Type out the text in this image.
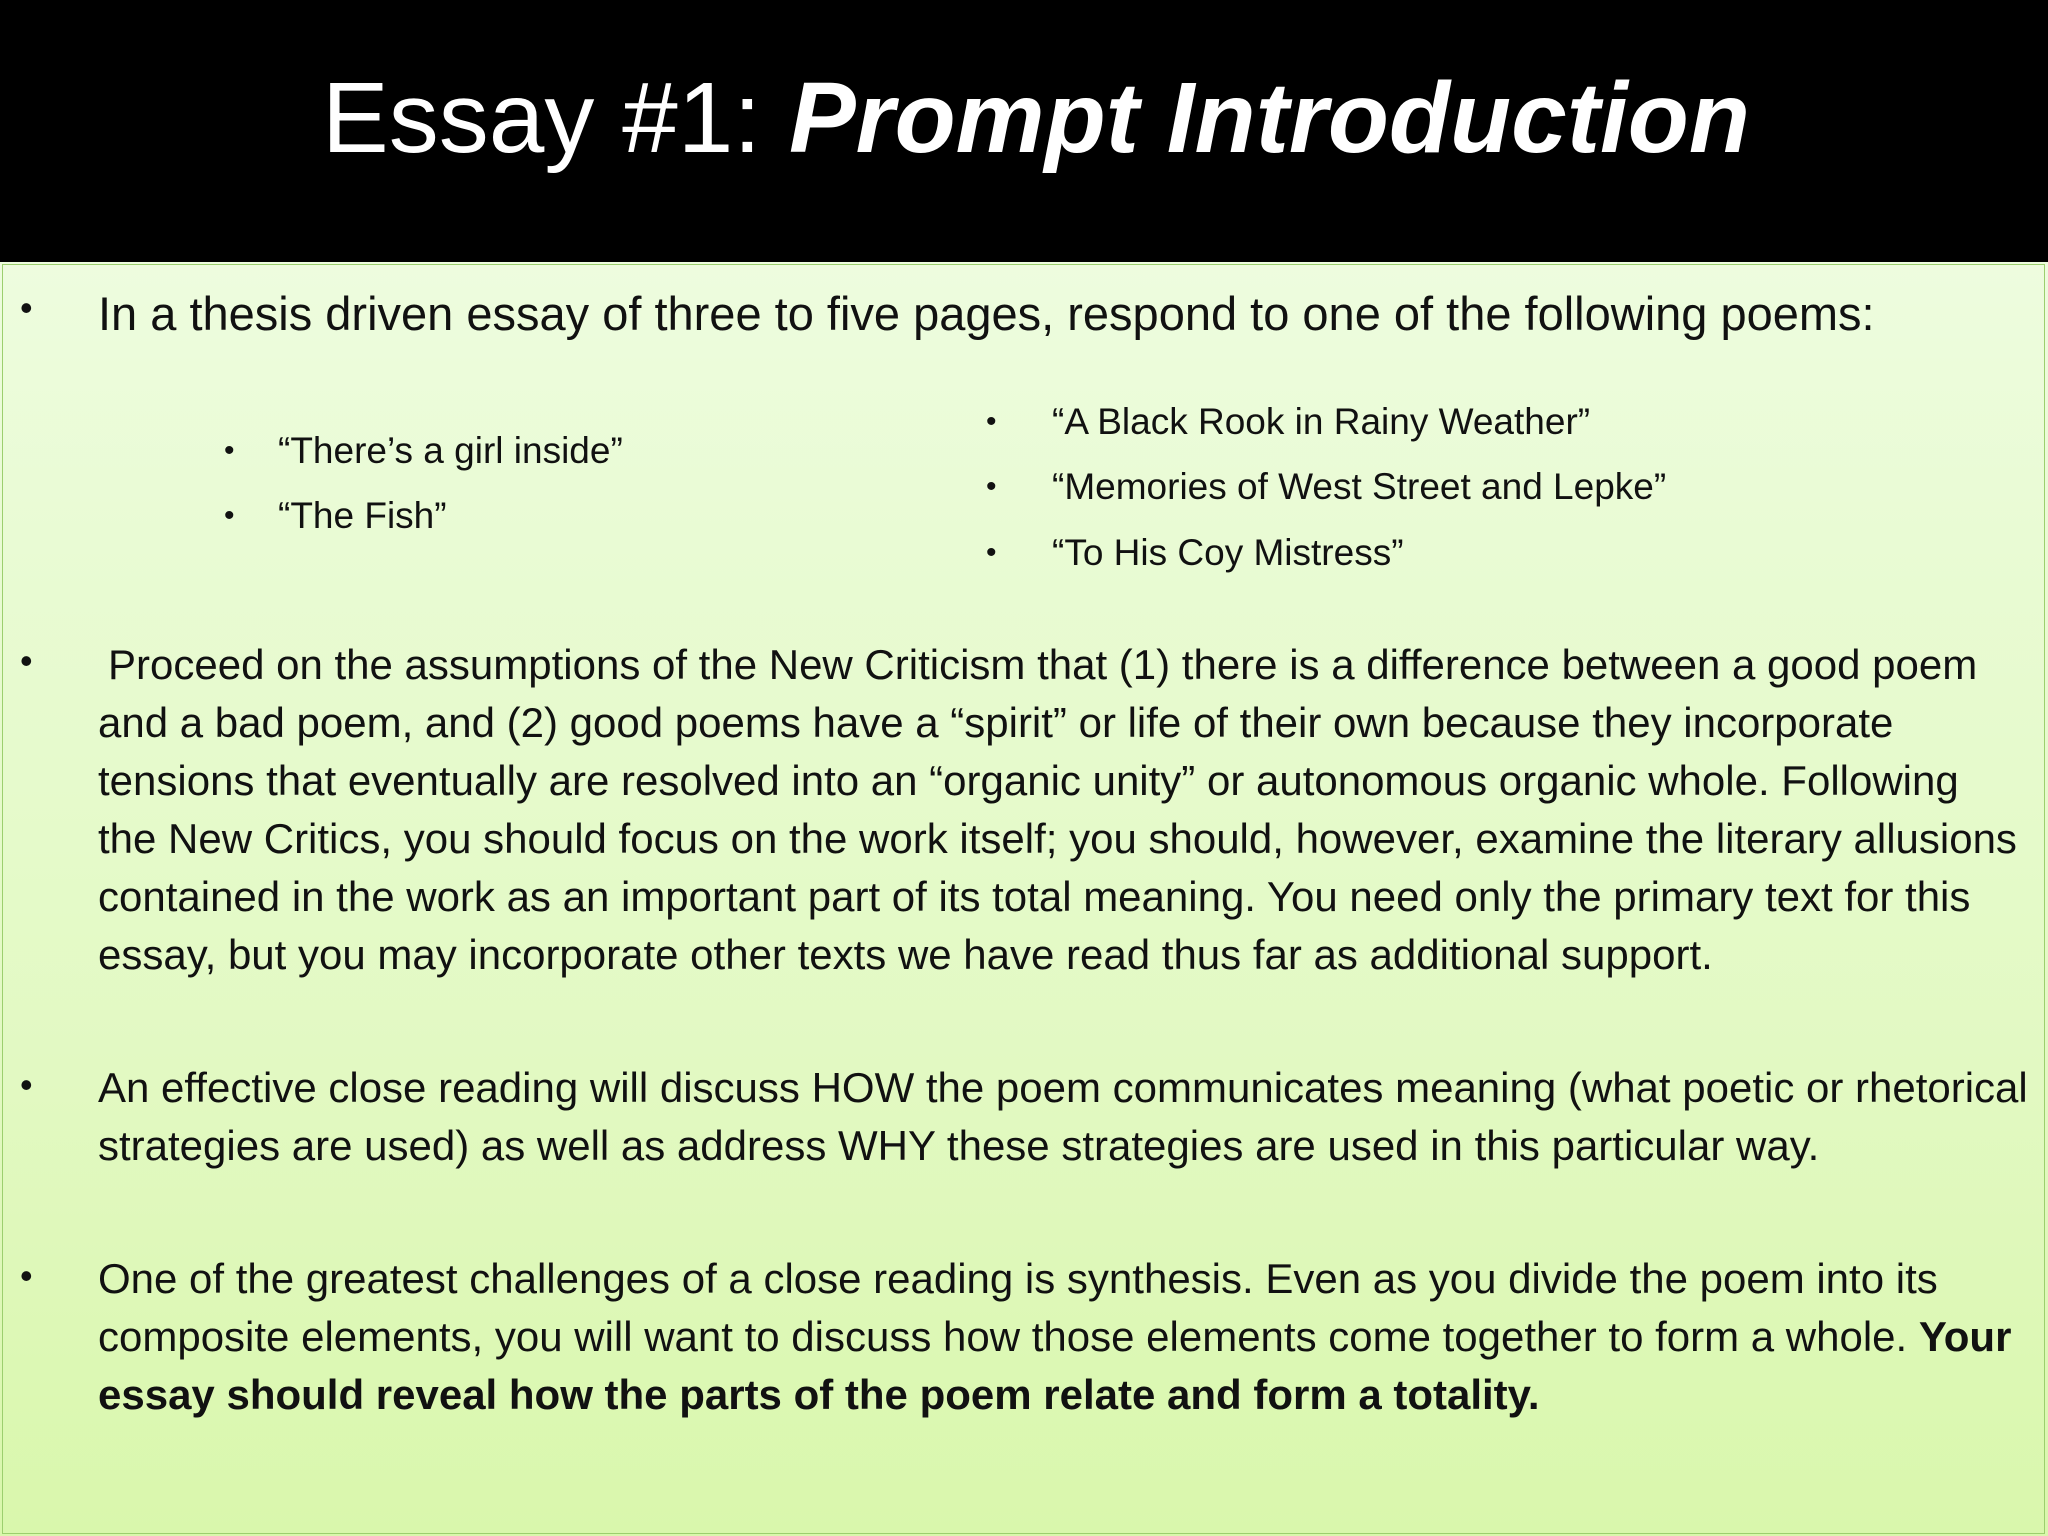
Essay #1: Prompt Introduction
• In a thesis driven essay of three to five pages, respond to one of the following poems:
• “There’s a girl inside”
• “The Fish”
• “A Black Rook in Rainy Weather”
• “Memories of West Street and Lepke”
• “To His Coy Mistress”
• Proceed on the assumptions of the New Criticism that (1) there is a difference between a good poem and a bad poem, and (2) good poems have a “spirit” or life of their own because they incorporate tensions that eventually are resolved into an “organic unity” or autonomous organic whole. Following the New Critics, you should focus on the work itself; you should, however, examine the literary allusions contained in the work as an important part of its total meaning. You need only the primary text for this essay, but you may incorporate other texts we have read thus far as additional support.
• An effective close reading will discuss HOW the poem communicates meaning (what poetic or rhetorical strategies are used) as well as address WHY these strategies are used in this particular way.
• One of the greatest challenges of a close reading is synthesis. Even as you divide the poem into its composite elements, you will want to discuss how those elements come together to form a whole. Your essay should reveal how the parts of the poem relate and form a totality.
